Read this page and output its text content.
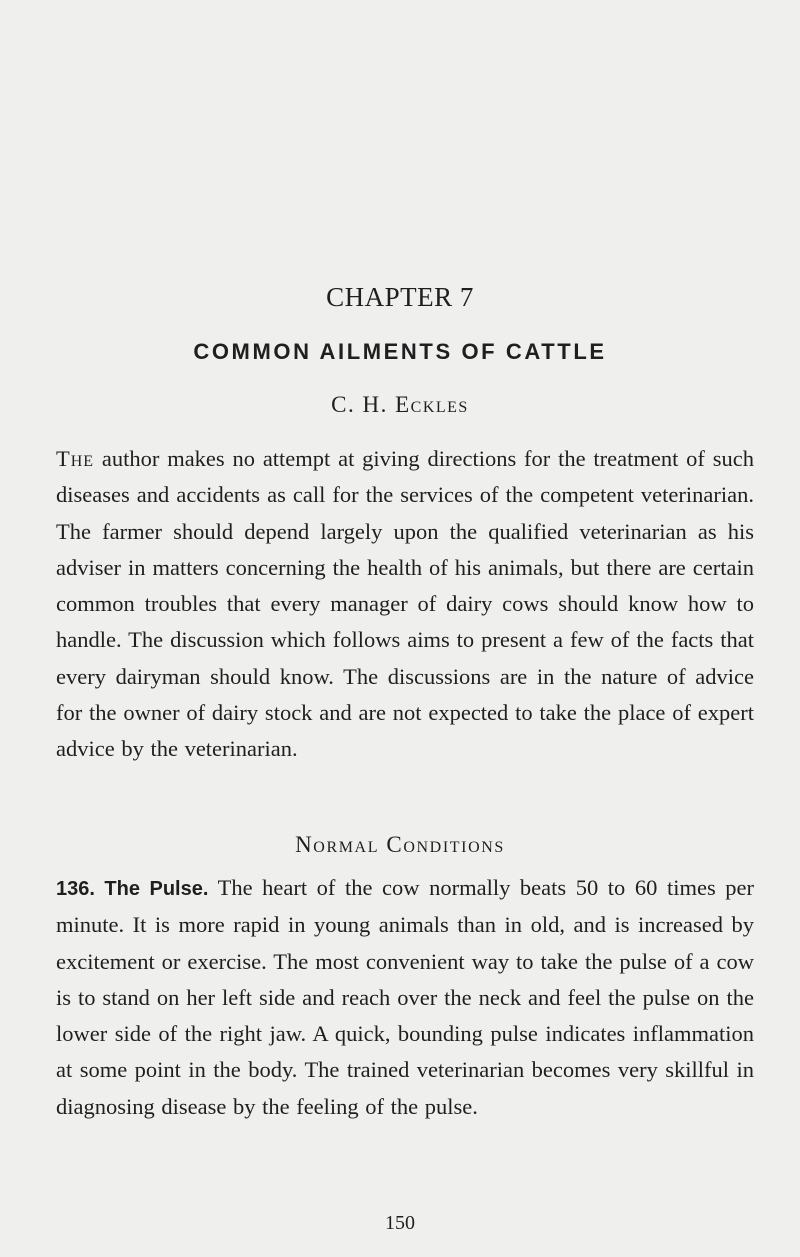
CHAPTER 7
COMMON AILMENTS OF CATTLE
C. H. Eckles

The author makes no attempt at giving directions for the treatment of such diseases and accidents as call for the services of the competent veterinarian. The farmer should depend largely upon the qualified veterinarian as his adviser in matters concerning the health of his animals, but there are certain common troubles that every manager of dairy cows should know how to handle. The discussion which follows aims to present a few of the facts that every dairyman should know. The discussions are in the nature of advice for the owner of dairy stock and are not expected to take the place of expert advice by the veterinarian.

Normal Conditions

136. The Pulse. The heart of the cow normally beats 50 to 60 times per minute. It is more rapid in young animals than in old, and is increased by excitement or exercise. The most convenient way to take the pulse of a cow is to stand on her left side and reach over the neck and feel the pulse on the lower side of the right jaw. A quick, bounding pulse indicates inflammation at some point in the body. The trained veterinarian becomes very skillful in diagnosing disease by the feeling of the pulse.

150
